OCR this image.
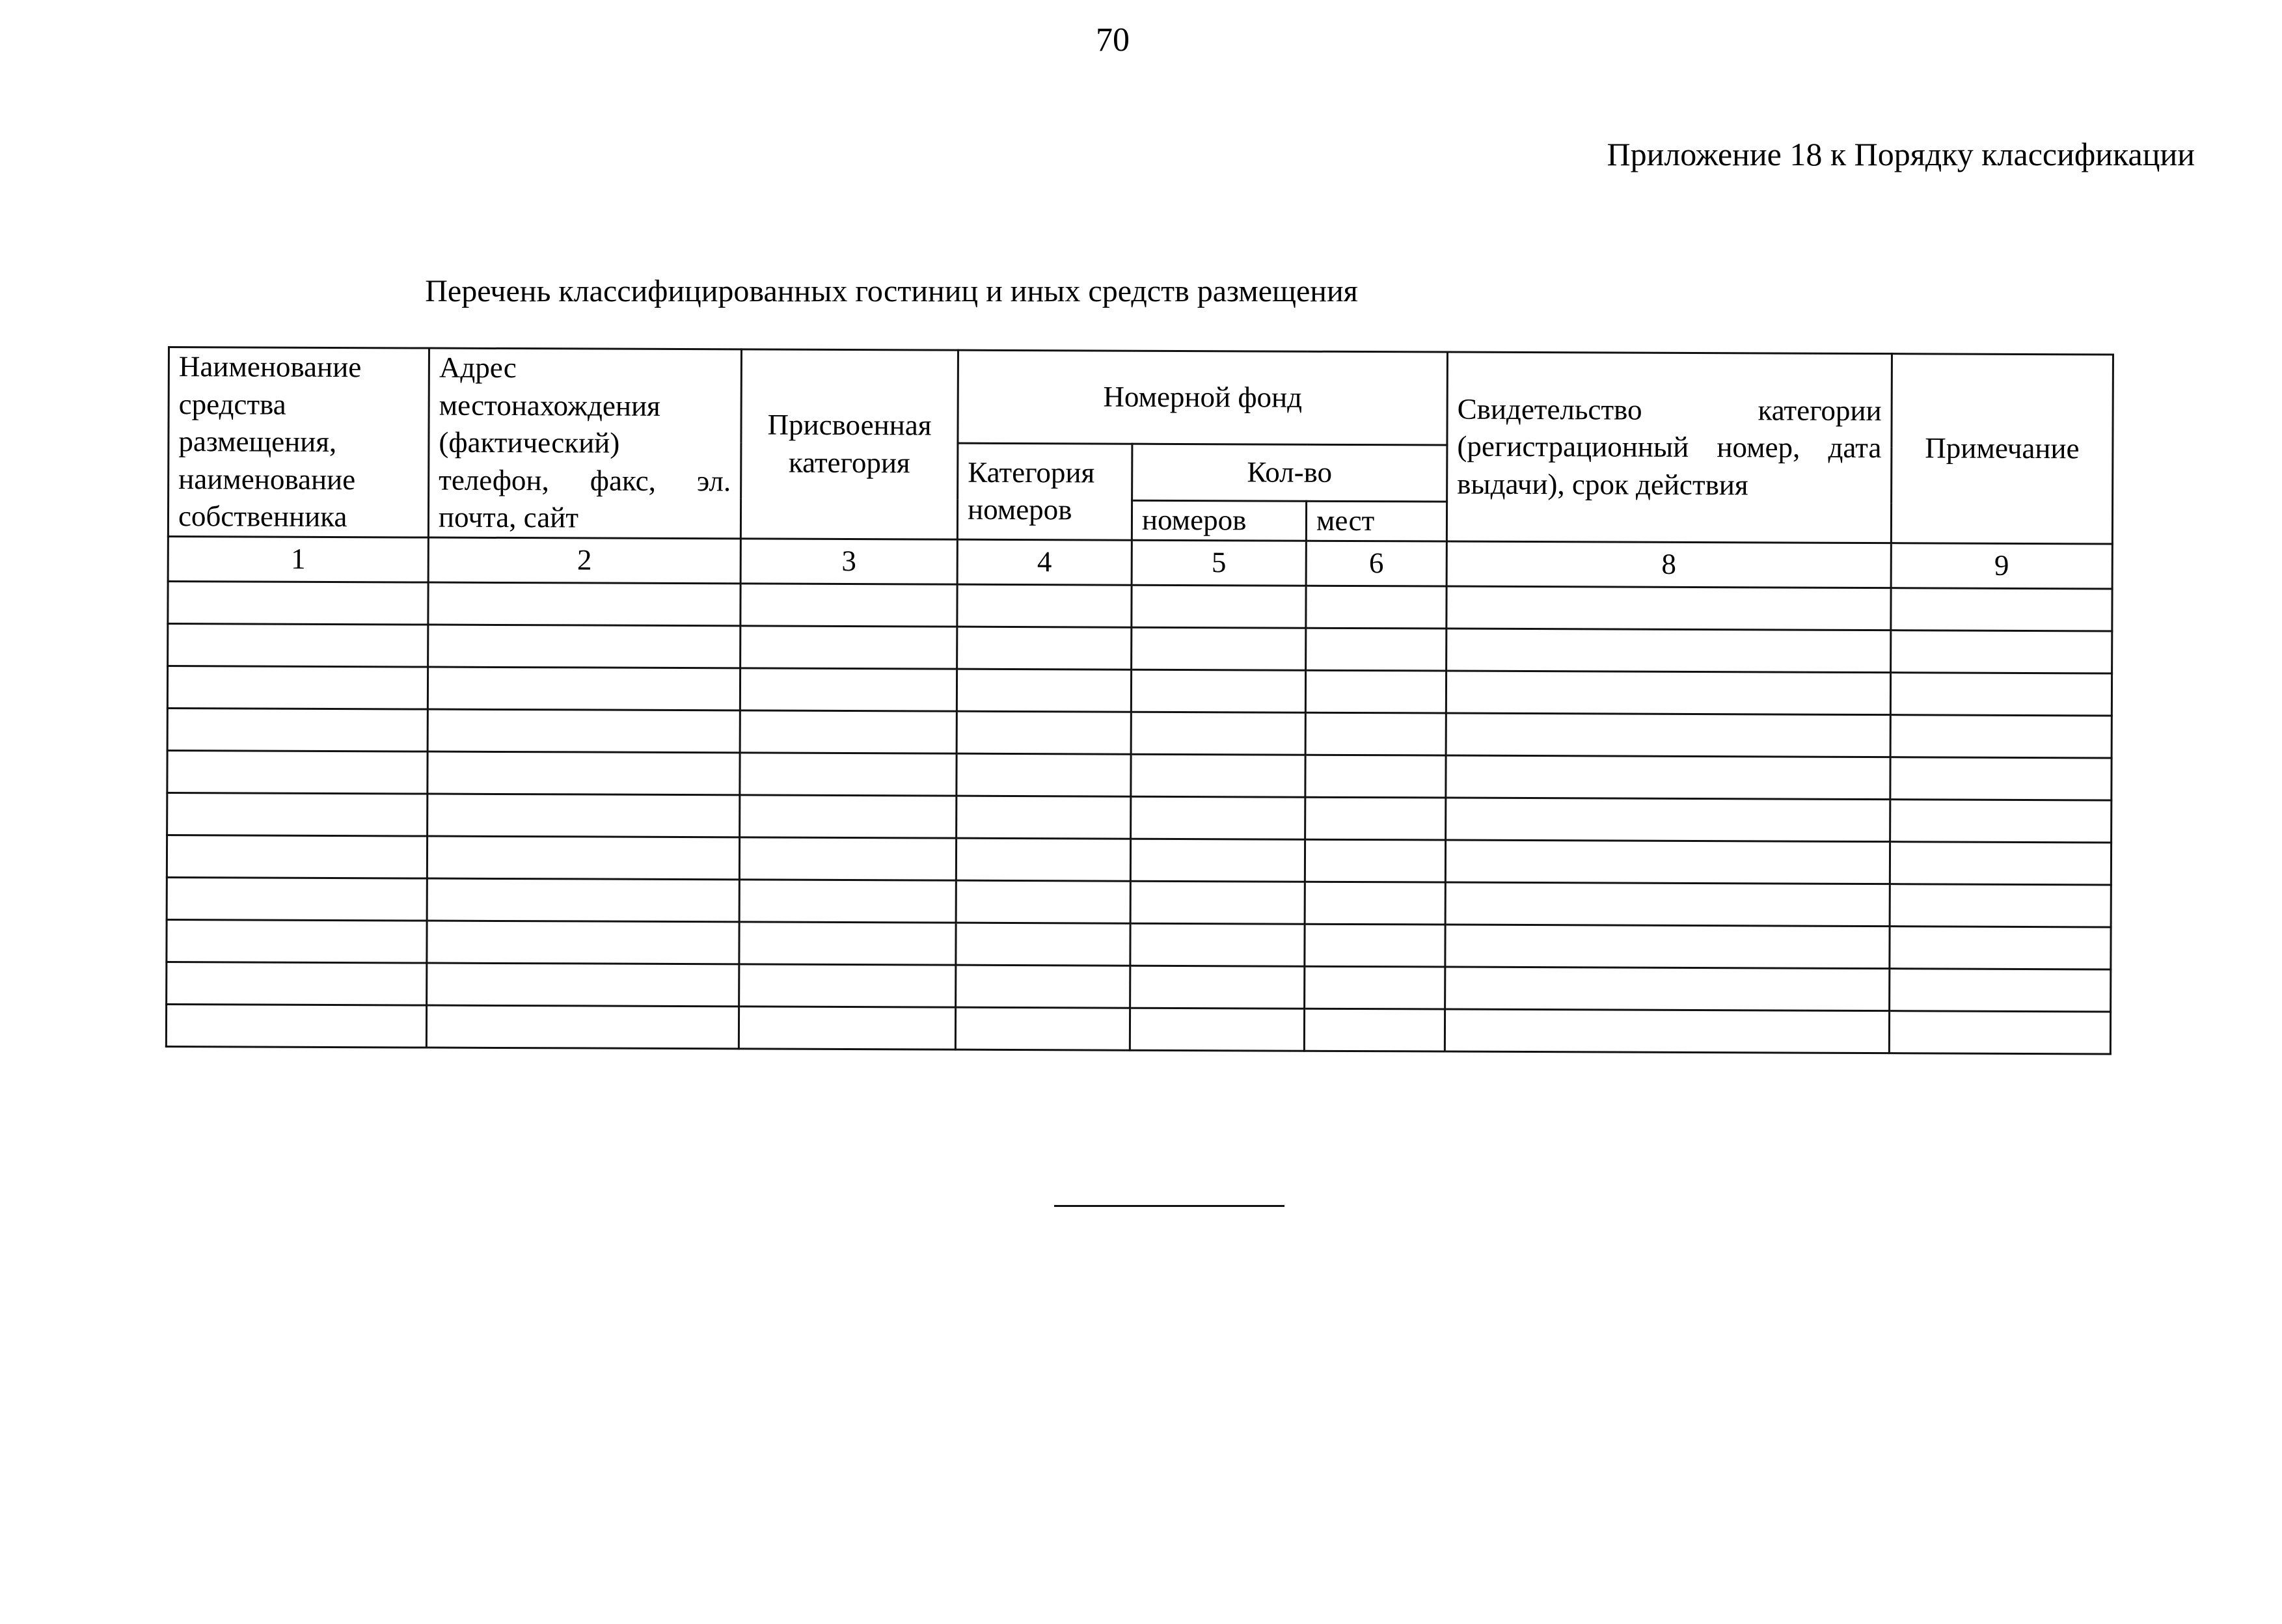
70
Приложение 18 к Порядку классификации
Перечень классифицированных гостиниц и иных средств размещения
Наименование средства размещения, наименование собственника	Адрес местонахождения (фактический) телефон, факс, эл. почта, сайт	Присвоенная категория	Номерной фонд			Свидетельство категории (регистрационный номер, дата выдачи), срок действия	Примечание
			Категория номеров	Кол-во			
				номеров	мест		
1	2	3	4	5	6	8	9
